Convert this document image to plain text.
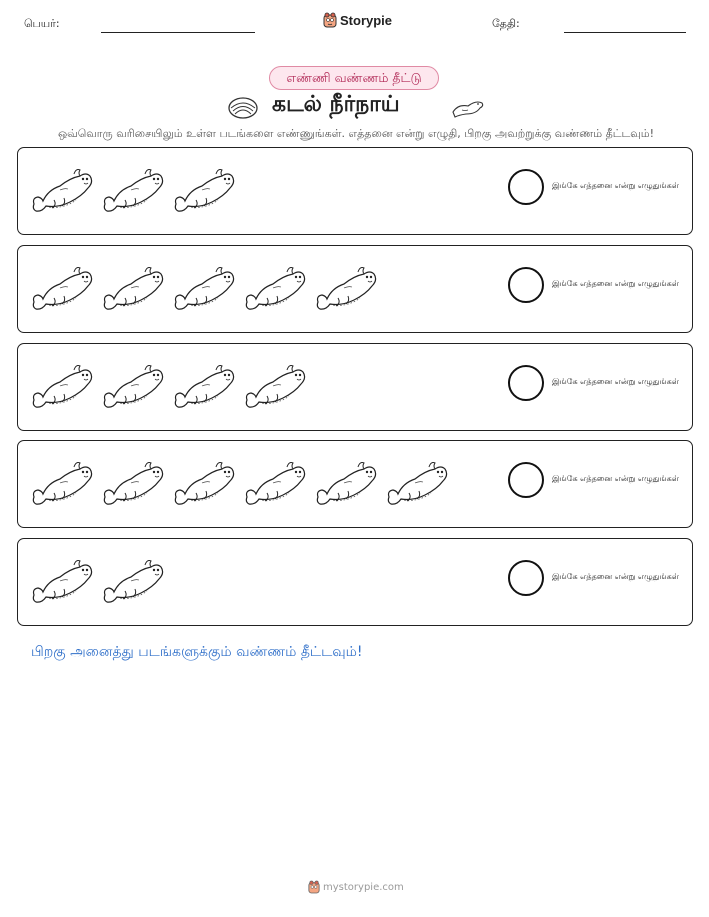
பெயர்:	Storypie	தேதி:
எண்ணி வண்ணம் தீட்டு
கடல் நீர்நாய்
ஒவ்வொரு வரிசையிலும் உள்ள படங்களை எண்ணுங்கள். எத்தனை என்று எழுதி, பிறகு அவற்றுக்கு வண்ணம் தீட்டவும்!
இங்கே எத்தனை என்று எழுதுங்கள்
இங்கே எத்தனை என்று எழுதுங்கள்
இங்கே எத்தனை என்று எழுதுங்கள்
இங்கே எத்தனை என்று எழுதுங்கள்
இங்கே எத்தனை என்று எழுதுங்கள்
பிறகு அனைத்து படங்களுக்கும் வண்ணம் தீட்டவும்!
mystorypie.com
